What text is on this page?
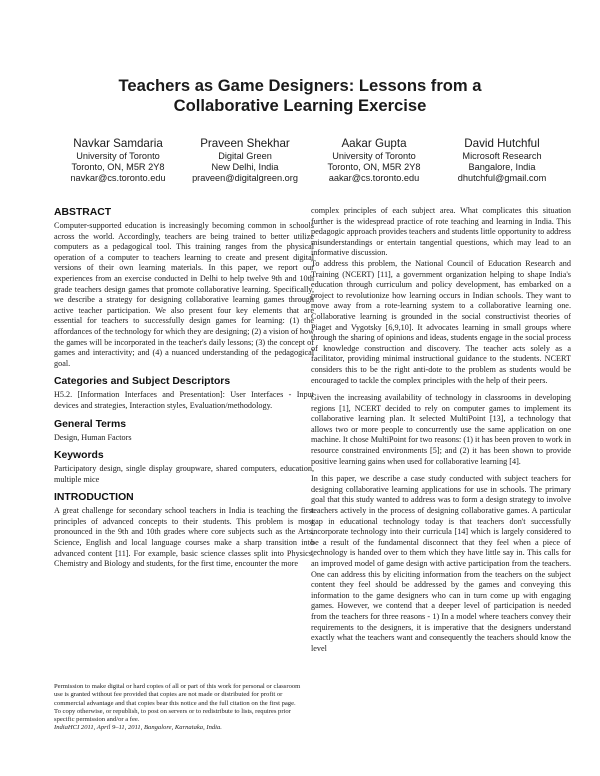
Teachers as Game Designers: Lessons from a
Collaborative Learning Exercise
Navkar Samdaria
University of Toronto
Toronto, ON, M5R 2Y8
navkar@cs.toronto.edu
Praveen Shekhar
Digital Green
New Delhi, India
praveen@digitalgreen.org
Aakar Gupta
University of Toronto
Toronto, ON, M5R 2Y8
aakar@cs.toronto.edu
David Hutchful
Microsoft Research
Bangalore, India
dhutchful@gmail.com
ABSTRACT
Computer-supported education is increasingly becoming common in schools across the world. Accordingly, teachers are being trained to better utilize computers as a pedagogical tool. This training ranges from the physical operation of a computer to teachers learning to create and present digital versions of their own learning materials. In this paper, we report our experiences from an exercise conducted in Delhi to help twelve 9th and 10th grade teachers design games that promote collaborative learning. Specifically, we describe a strategy for designing collaborative learning games through active teacher participation. We also present four key elements that are essential for teachers to successfully design games for learning: (1) the affordances of the technology for which they are designing; (2) a vision of how the games will be incorporated in the teacher's daily lessons; (3) the concept of games and interactivity; and (4) a nuanced understanding of the pedagogical goal.
Categories and Subject Descriptors
H5.2. [Information Interfaces and Presentation]: User Interfaces - Input devices and strategies, Interaction styles, Evaluation/methodology.
General Terms
Design, Human Factors
Keywords
Participatory design, single display groupware, shared computers, education, multiple mice
INTRODUCTION
A great challenge for secondary school teachers in India is teaching the first principles of advanced concepts to their students. This problem is most pronounced in the 9th and 10th grades where core subjects such as the Arts, Science, English and local language courses make a sharp transition into advanced content [11]. For example, basic science classes split into Physics, Chemistry and Biology and students, for the first time, encounter the more
Permission to make digital or hard copies of all or part of this work for personal or classroom use is granted without fee provided that copies are not made or distributed for profit or commercial advantage and that copies bear this notice and the full citation on the first page. To copy otherwise, or republish, to post on servers or to redistribute to lists, requires prior specific permission and/or a fee.
IndiaHCI 2011, April 9–11, 2011, Bangalore, Karnataka, India.
complex principles of each subject area. What complicates this situation further is the widespread practice of rote teaching and learning in India. This pedagogic approach provides teachers and students little opportunity to address misunderstandings or entertain tangential questions, which may lead to an informative discussion.
To address this problem, the National Council of Education Research and Training (NCERT) [11], a government organization helping to shape India's education through curriculum and policy development, has embarked on a project to revolutionize how learning occurs in Indian schools. They want to move away from a rote-learning system to a collaborative learning one. Collaborative learning is grounded in the social constructivist theories of Piaget and Vygotsky [6,9,10]. It advocates learning in small groups where through the sharing of opinions and ideas, students engage in the social process of knowledge construction and discovery. The teacher acts solely as a facilitator, providing minimal instructional guidance to the students. NCERT considers this to be the right anti-dote to the problem as students would be encouraged to tackle the complex principles with the help of their peers.
Given the increasing availability of technology in classrooms in developing regions [1], NCERT decided to rely on computer games to implement its collaborative learning plan. It selected MultiPoint [13], a technology that allows two or more people to concurrently use the same application on one machine. It chose MultiPoint for two reasons: (1) it has been proven to work in resource constrained environments [5]; and (2) it has been shown to provide positive learning gains when used for collaborative learning [4].
In this paper, we describe a case study conducted with subject teachers for designing collaborative learning applications for use in schools. The primary goal that this study wanted to address was to form a design strategy to involve teachers actively in the process of designing collaborative games. A particular gap in educational technology today is that teachers don't successfully incorporate technology into their curricula [14] which is largely considered to be a result of the fundamental disconnect that they feel when a piece of technology is handed over to them which they have little say in. This calls for an improved model of game design with active participation from the teachers. One can address this by eliciting information from the teachers on the subject content they feel should be addressed by the games and conveying this information to the game designers who can in turn come up with engaging games. However, we contend that a deeper level of participation is needed from the teachers for three reasons - 1) In a model where teachers convey their requirements to the designers, it is imperative that the designers understand exactly what the teachers want and consequently the teachers should know the level
